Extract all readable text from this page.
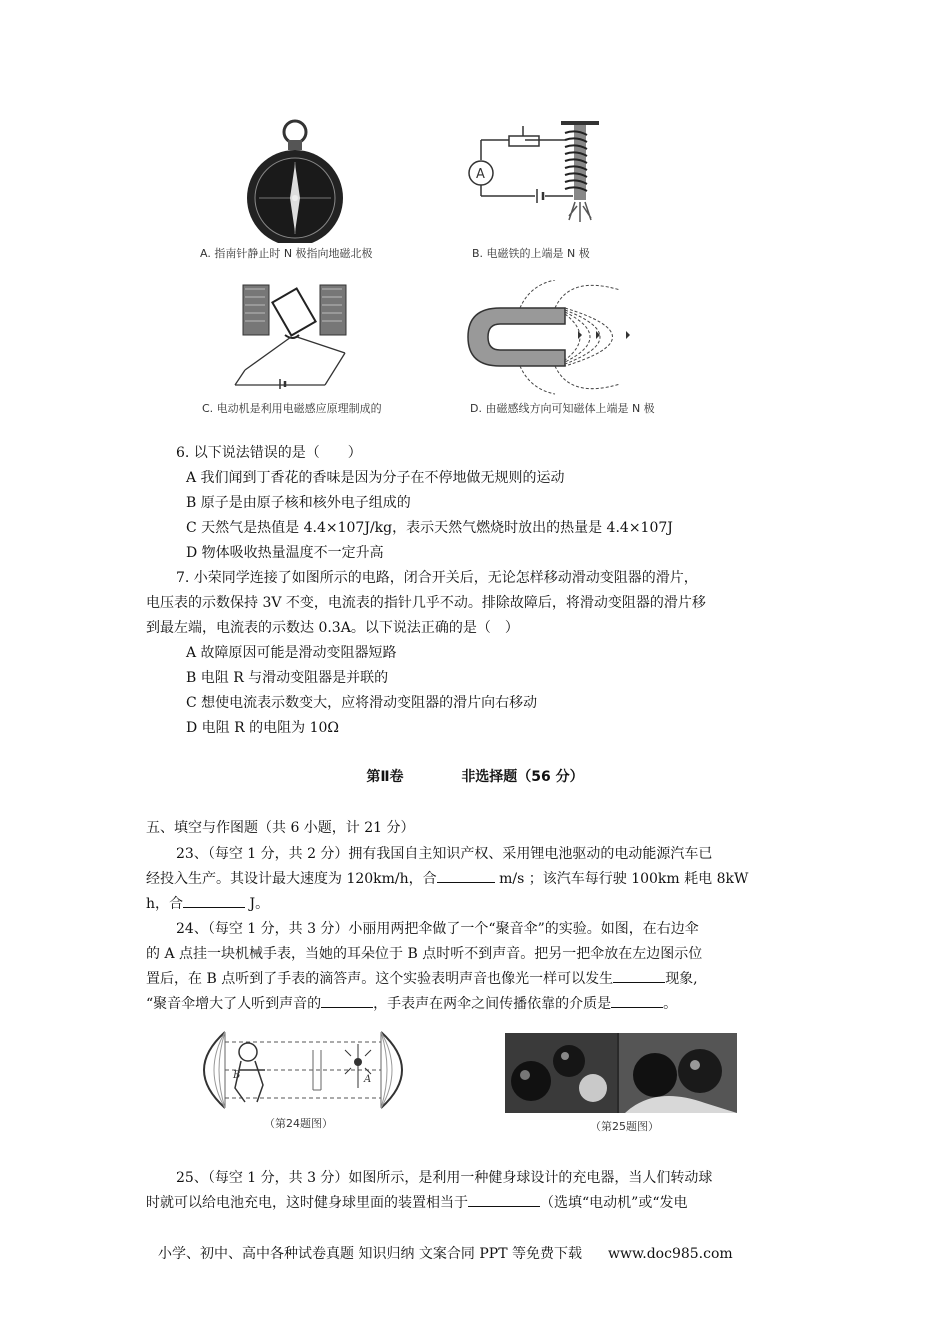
A. 指南针静止时 N 极指向地磁北极
A
B. 电磁铁的上端是 N 极
C. 电动机是利用电磁感应原理制成的	D. 由磁感线方向可知磁体上端是 N 极
6. 以下说法错误的是（　　）
A 我们闻到丁香花的香味是因为分子在不停地做无规则的运动
B 原子是由原子核和核外电子组成的
C 天然气是热值是 4.4×107J/kg，表示天然气燃烧时放出的热量是 4.4×107J
D 物体吸收热量温度不一定升高
7. 小荣同学连接了如图所示的电路，闭合开关后，无论怎样移动滑动变阻器的滑片，
电压表的示数保持 3V 不变，电流表的指针几乎不动。排除故障后，将滑动变阻器的滑片移
到最左端，电流表的示数达 0.3A。以下说法正确的是（　）
A 故障原因可能是滑动变阻器短路
B 电阻 R 与滑动变阻器是并联的
C 想使电流表示数变大，应将滑动变阻器的滑片向右移动
D 电阻 R 的电阻为 10Ω
第Ⅱ卷	非选择题（56 分）
五、填空与作图题（共 6 小题，计 21 分）
23、（每空 1 分，共 2 分）拥有我国自主知识产权、采用锂电池驱动的电动能源汽车已
经投入生产。其设计最大速度为 120km/h，合	m/s ；该汽车每行驶 100km 耗电 8kW
h，合	J。
24、（每空 1 分，共 3 分）小丽用两把伞做了一个“聚音伞”的实验。如图，在右边伞
的 A 点挂一块机械手表，当她的耳朵位于 B 点时听不到声音。把另一把伞放在左边图示位
置后，在 B 点听到了手表的滴答声。这个实验表明声音也像光一样可以发生	现象,
“聚音伞增大了人听到声音的	，手表声在两伞之间传播依靠的介质是	。
B	A
（第24题图）	（第25题图）
25、（每空 1 分，共 3 分）如图所示，是利用一种健身球设计的充电器，当人们转动球
时就可以给电池充电，这时健身球里面的装置相当于	（选填“电动机”或“发电
小学、初中、高中各种试卷真题 知识归纳 文案合同 PPT 等免费下载 www.doc985.com
